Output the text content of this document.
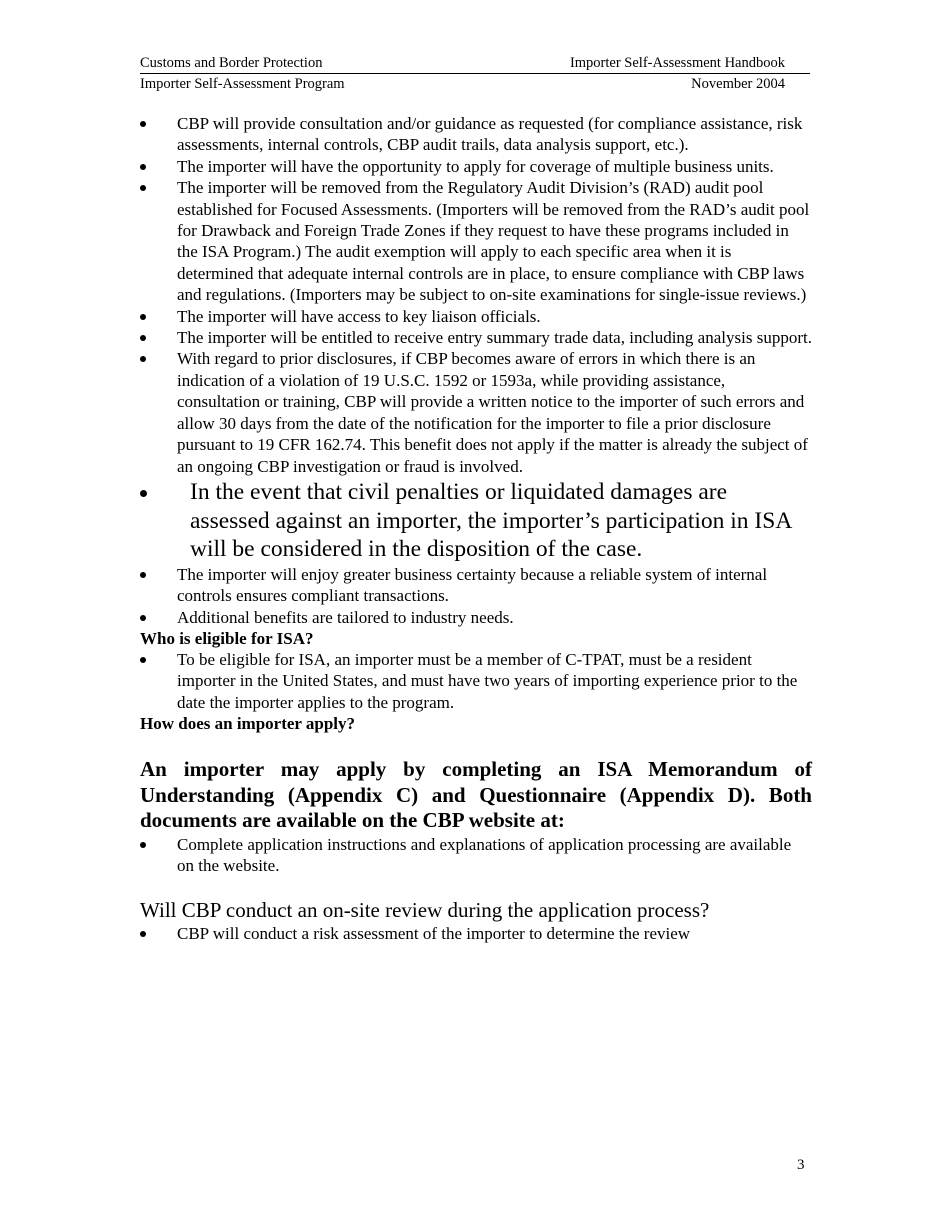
Customs and Border Protection	Importer Self-Assessment Handbook
Importer Self-Assessment Program	November 2004
CBP will provide consultation and/or guidance as requested (for compliance assistance, risk assessments, internal controls, CBP audit trails, data analysis support, etc.).
The importer will have the opportunity to apply for coverage of multiple business units.
The importer will be removed from the Regulatory Audit Division’s (RAD) audit pool established for Focused Assessments. (Importers will be removed from the RAD’s audit pool for Drawback and Foreign Trade Zones if they request to have these programs included in the ISA Program.) The audit exemption will apply to each specific area when it is determined that adequate internal controls are in place, to ensure compliance with CBP laws and regulations. (Importers may be subject to on-site examinations for single-issue reviews.)
The importer will have access to key liaison officials.
The importer will be entitled to receive entry summary trade data, including analysis support.
With regard to prior disclosures, if CBP becomes aware of errors in which there is an indication of a violation of 19 U.S.C. 1592 or 1593a, while providing assistance, consultation or training, CBP will provide a written notice to the importer of such errors and allow 30 days from the date of the notification for the importer to file a prior disclosure pursuant to 19 CFR 162.74. This benefit does not apply if the matter is already the subject of an ongoing CBP investigation or fraud is involved.
In the event that civil penalties or liquidated damages are assessed against an importer, the importer’s participation in ISA will be considered in the disposition of the case.
The importer will enjoy greater business certainty because a reliable system of internal controls ensures compliant transactions.
Additional benefits are tailored to industry needs.
Who is eligible for ISA?
To be eligible for ISA, an importer must be a member of C-TPAT, must be a resident importer in the United States, and must have two years of importing experience prior to the date the importer applies to the program.
How does an importer apply?

An importer may apply by completing an ISA Memorandum of Understanding (Appendix C) and Questionnaire (Appendix D). Both documents are available on the CBP website at:

Complete application instructions and explanations of application processing are available on the website.

Will CBP conduct an on-site review during the application process?

CBP will conduct a risk assessment of the importer to determine the review
3
